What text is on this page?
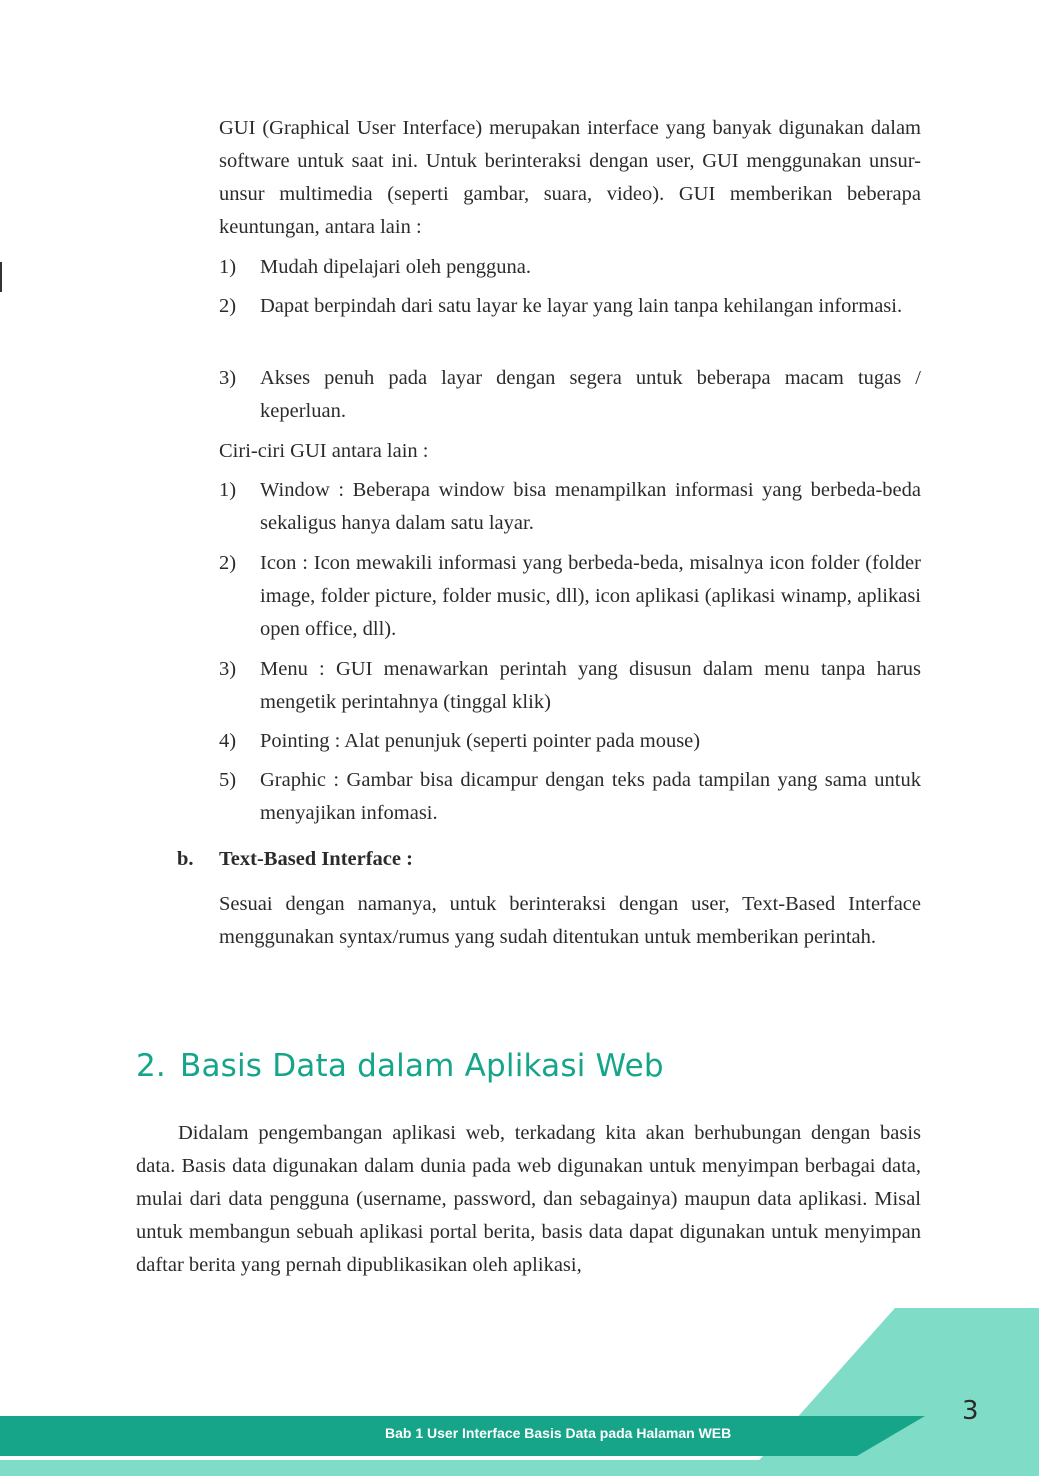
GUI (Graphical User Interface) merupakan interface yang banyak digunakan dalam software untuk saat ini. Untuk berinteraksi dengan user, GUI menggunakan unsur-unsur multimedia (seperti gambar, suara, video). GUI memberikan beberapa keuntungan, antara lain :

1) Mudah dipelajari oleh pengguna.
2) Dapat berpindah dari satu layar ke layar yang lain tanpa kehilangan informasi.
3) Akses penuh pada layar dengan segera untuk beberapa macam tugas / keperluan.

Ciri-ciri GUI antara lain :

1) Window : Beberapa window bisa menampilkan informasi yang berbeda-beda sekaligus hanya dalam satu layar.
2) Icon : Icon mewakili informasi yang berbeda-beda, misalnya icon folder (folder image, folder picture, folder music, dll), icon aplikasi (aplikasi winamp, aplikasi open office, dll).
3) Menu : GUI menawarkan perintah yang disusun dalam menu tanpa harus mengetik perintahnya (tinggal klik)
4) Pointing : Alat penunjuk (seperti pointer pada mouse)
5) Graphic : Gambar bisa dicampur dengan teks pada tampilan yang sama untuk menyajikan infomasi.
b. Text-Based Interface :

Sesuai dengan namanya, untuk berinteraksi dengan user, Text-Based Interface menggunakan syntax/rumus yang sudah ditentukan untuk memberikan perintah.

2. Basis Data dalam Aplikasi Web

Didalam pengembangan aplikasi web, terkadang kita akan berhubungan dengan basis data. Basis data digunakan dalam dunia pada web digunakan untuk menyimpan berbagai data, mulai dari data pengguna (username, password, dan sebagainya) maupun data aplikasi. Misal untuk membangun sebuah aplikasi portal berita, basis data dapat digunakan untuk menyimpan daftar berita yang pernah dipublikasikan oleh aplikasi,

Bab 1 User Interface Basis Data pada Halaman WEB
3
